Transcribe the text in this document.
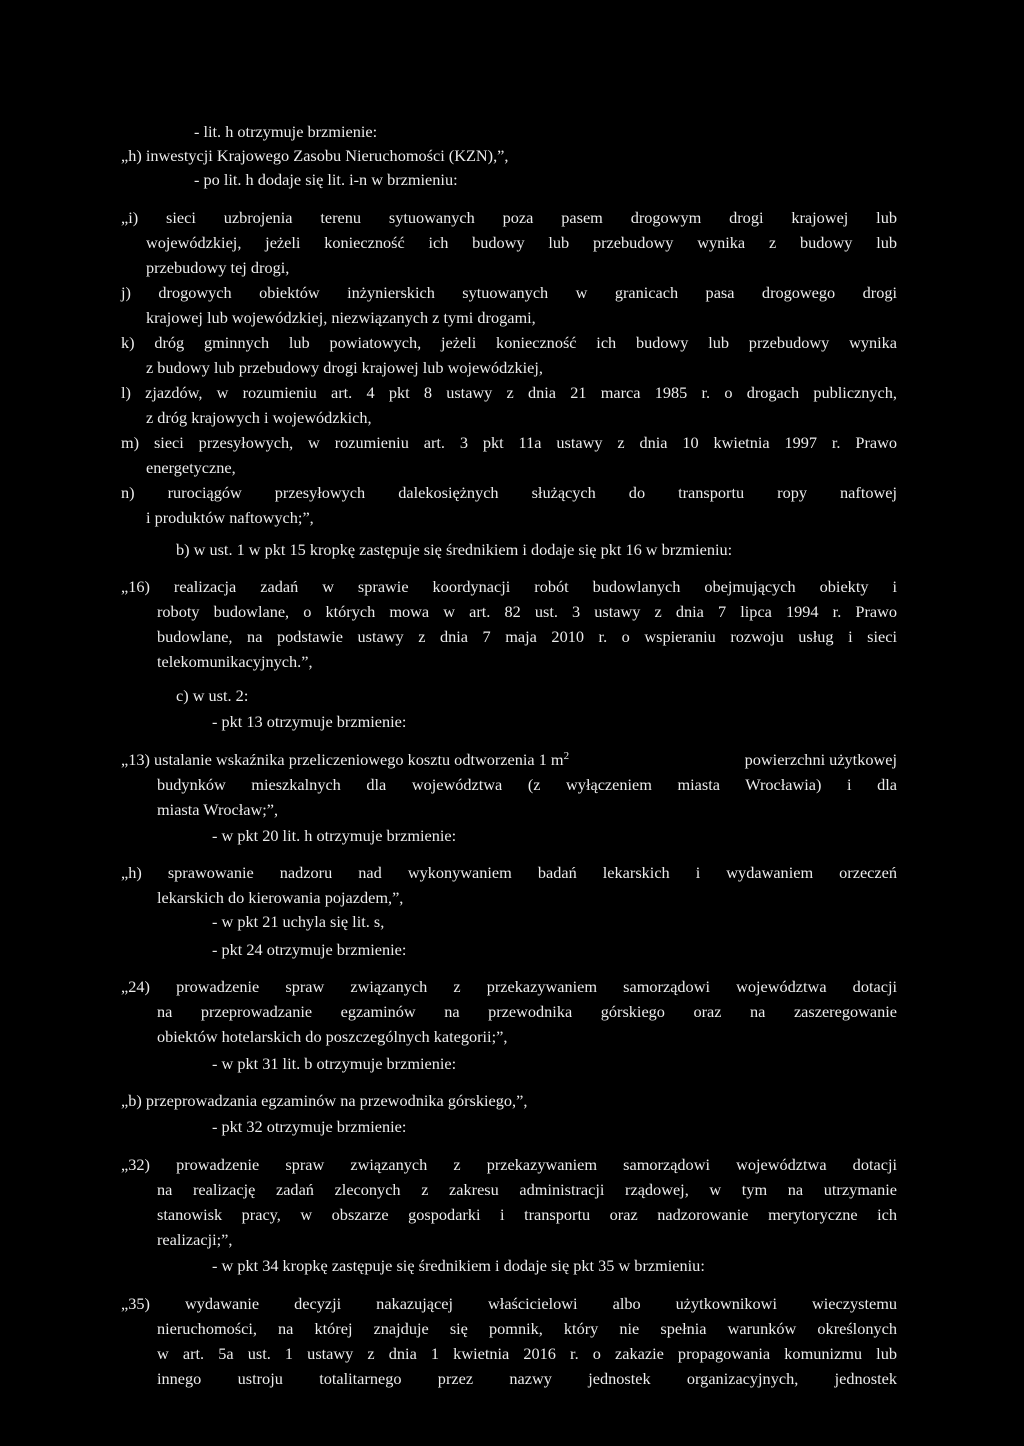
- lit. h otrzymuje brzmienie:
„h) inwestycji Krajowego Zasobu Nieruchomości (KZN),”,
- po lit. h dodaje się lit. i-n w brzmieniu:
„i) sieci uzbrojenia terenu sytuowanych poza pasem drogowym drogi krajowej lub
wojewódzkiej, jeżeli konieczność ich budowy lub przebudowy wynika z budowy lub
przebudowy tej drogi,
j) drogowych obiektów inżynierskich sytuowanych w granicach pasa drogowego drogi
krajowej lub wojewódzkiej, niezwiązanych z tymi drogami,
k) dróg gminnych lub powiatowych, jeżeli konieczność ich budowy lub przebudowy wynika
z budowy lub przebudowy drogi krajowej lub wojewódzkiej,
l) zjazdów, w rozumieniu art. 4 pkt 8 ustawy z dnia 21 marca 1985 r. o drogach publicznych,
z dróg krajowych i wojewódzkich,
m) sieci przesyłowych, w rozumieniu art. 3 pkt 11a ustawy z dnia 10 kwietnia 1997 r. Prawo
energetyczne,
n) rurociągów przesyłowych dalekosiężnych służących do transportu ropy naftowej
i produktów naftowych;”,
b) w ust. 1 w pkt 15 kropkę zastępuje się średnikiem i dodaje się pkt 16 w brzmieniu:
„16) realizacja zadań w sprawie koordynacji robót budowlanych obejmujących obiekty i
roboty budowlane, o których mowa w art. 82 ust. 3 ustawy z dnia 7 lipca 1994 r. Prawo
budowlane, na podstawie ustawy z dnia 7 maja 2010 r. o wspieraniu rozwoju usług i sieci
telekomunikacyjnych.”,
c) w ust. 2:
- pkt 13 otrzymuje brzmienie:
„13) ustalanie wskaźnika przeliczeniowego kosztu odtworzenia 1 $m^2$	powierzchni użytkowej
budynków mieszkalnych dla województwa (z wyłączeniem miasta Wrocławia) i dla
miasta Wrocław;”,
- w pkt 20 lit. h otrzymuje brzmienie:
„h) sprawowanie nadzoru nad wykonywaniem badań lekarskich i wydawaniem orzeczeń
lekarskich do kierowania pojazdem,”,
- w pkt 21 uchyla się lit. s,
- pkt 24 otrzymuje brzmienie:
„24) prowadzenie spraw związanych z przekazywaniem samorządowi województwa dotacji
na przeprowadzanie egzaminów na przewodnika górskiego oraz na zaszeregowanie
obiektów hotelarskich do poszczególnych kategorii;”,
- w pkt 31 lit. b otrzymuje brzmienie:
„b) przeprowadzania egzaminów na przewodnika górskiego,”,
- pkt 32 otrzymuje brzmienie:
„32) prowadzenie spraw związanych z przekazywaniem samorządowi województwa dotacji
na realizację zadań zleconych z zakresu administracji rządowej, w tym na utrzymanie
stanowisk pracy, w obszarze gospodarki i transportu oraz nadzorowanie merytoryczne ich
realizacji;”,
- w pkt 34 kropkę zastępuje się średnikiem i dodaje się pkt 35 w brzmieniu:
„35) wydawanie decyzji nakazującej właścicielowi albo użytkownikowi wieczystemu
nieruchomości, na której znajduje się pomnik, który nie spełnia warunków określonych
w art. 5a ust. 1 ustawy z dnia 1 kwietnia 2016 r. o zakazie propagowania komunizmu lub
innego ustroju totalitarnego przez nazwy jednostek organizacyjnych, jednostek
